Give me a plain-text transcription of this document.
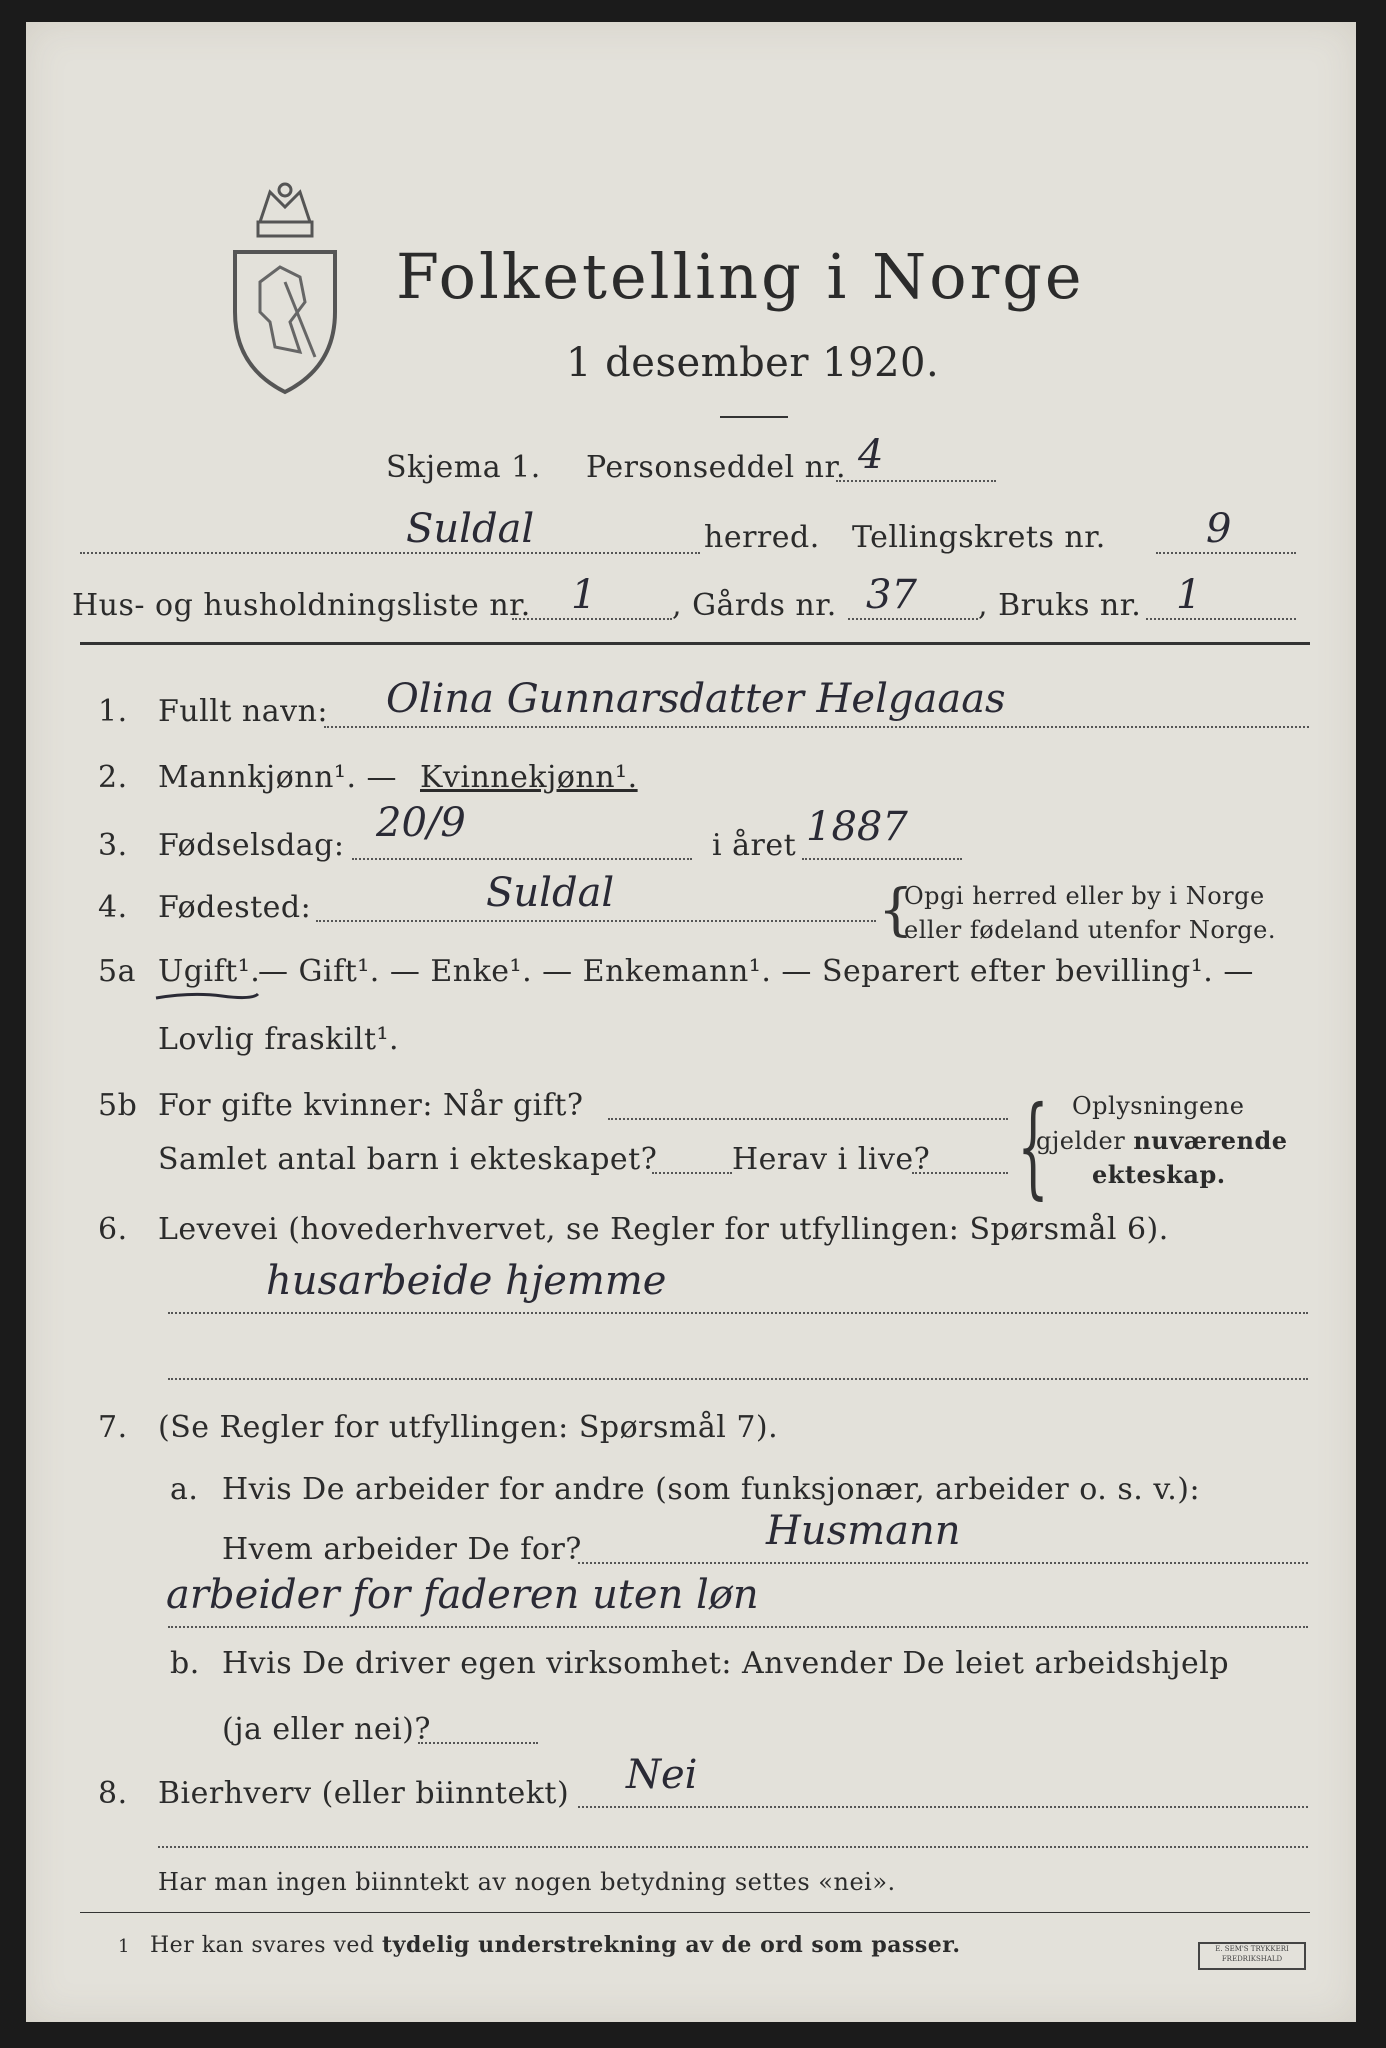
Folketelling i Norge
1 desember 1920.
Skjema 1. Personseddel nr. 4
Suldal	herred. Tellingskrets nr.	9
Hus- og husholdningsliste nr. 1	, Gårds nr. 37 , Bruks nr. 1
1. Fullt navn: Olina Gunnarsdatter Helgaaas
2. Mannkjønn¹. — Kvinnekjønn¹.
3. Fødselsdag: 20/9	i året 1887
4. Fødested:	Suldal	{
Opgi herred eller by i Norge
eller fødeland utenfor Norge.
5a Ugift¹.
— Gift¹. — Enke¹. — Enkemann¹. — Separert efter bevilling¹. —
Lovlig fraskilt¹.
5b For gifte kvinner: Når gift?
Samlet antal barn i ekteskapet? Herav i live? { Oplysningene
gjelder nuværende
ekteskap.
6. Levevei (hovederhvervet, se Regler for utfyllingen: Spørsmål 6).
husarbeide hjemme
7. (Se Regler for utfyllingen: Spørsmål 7).
a. Hvis De arbeider for andre (som funksjonær, arbeider o. s. v.):
Hvem arbeider De for?	Husmann
arbeider for faderen uten løn
b. Hvis De driver egen virksomhet: Anvender De leiet arbeidshjelp
(ja eller nei)?
8. Bierhverv (eller biinntekt) Nei
Har man ingen biinntekt av nogen betydning settes «nei».
1 Her kan svares ved tydelig understrekning av de ord som passer.	E. SEM'S TRYKKERI FREDRIKSHALD
